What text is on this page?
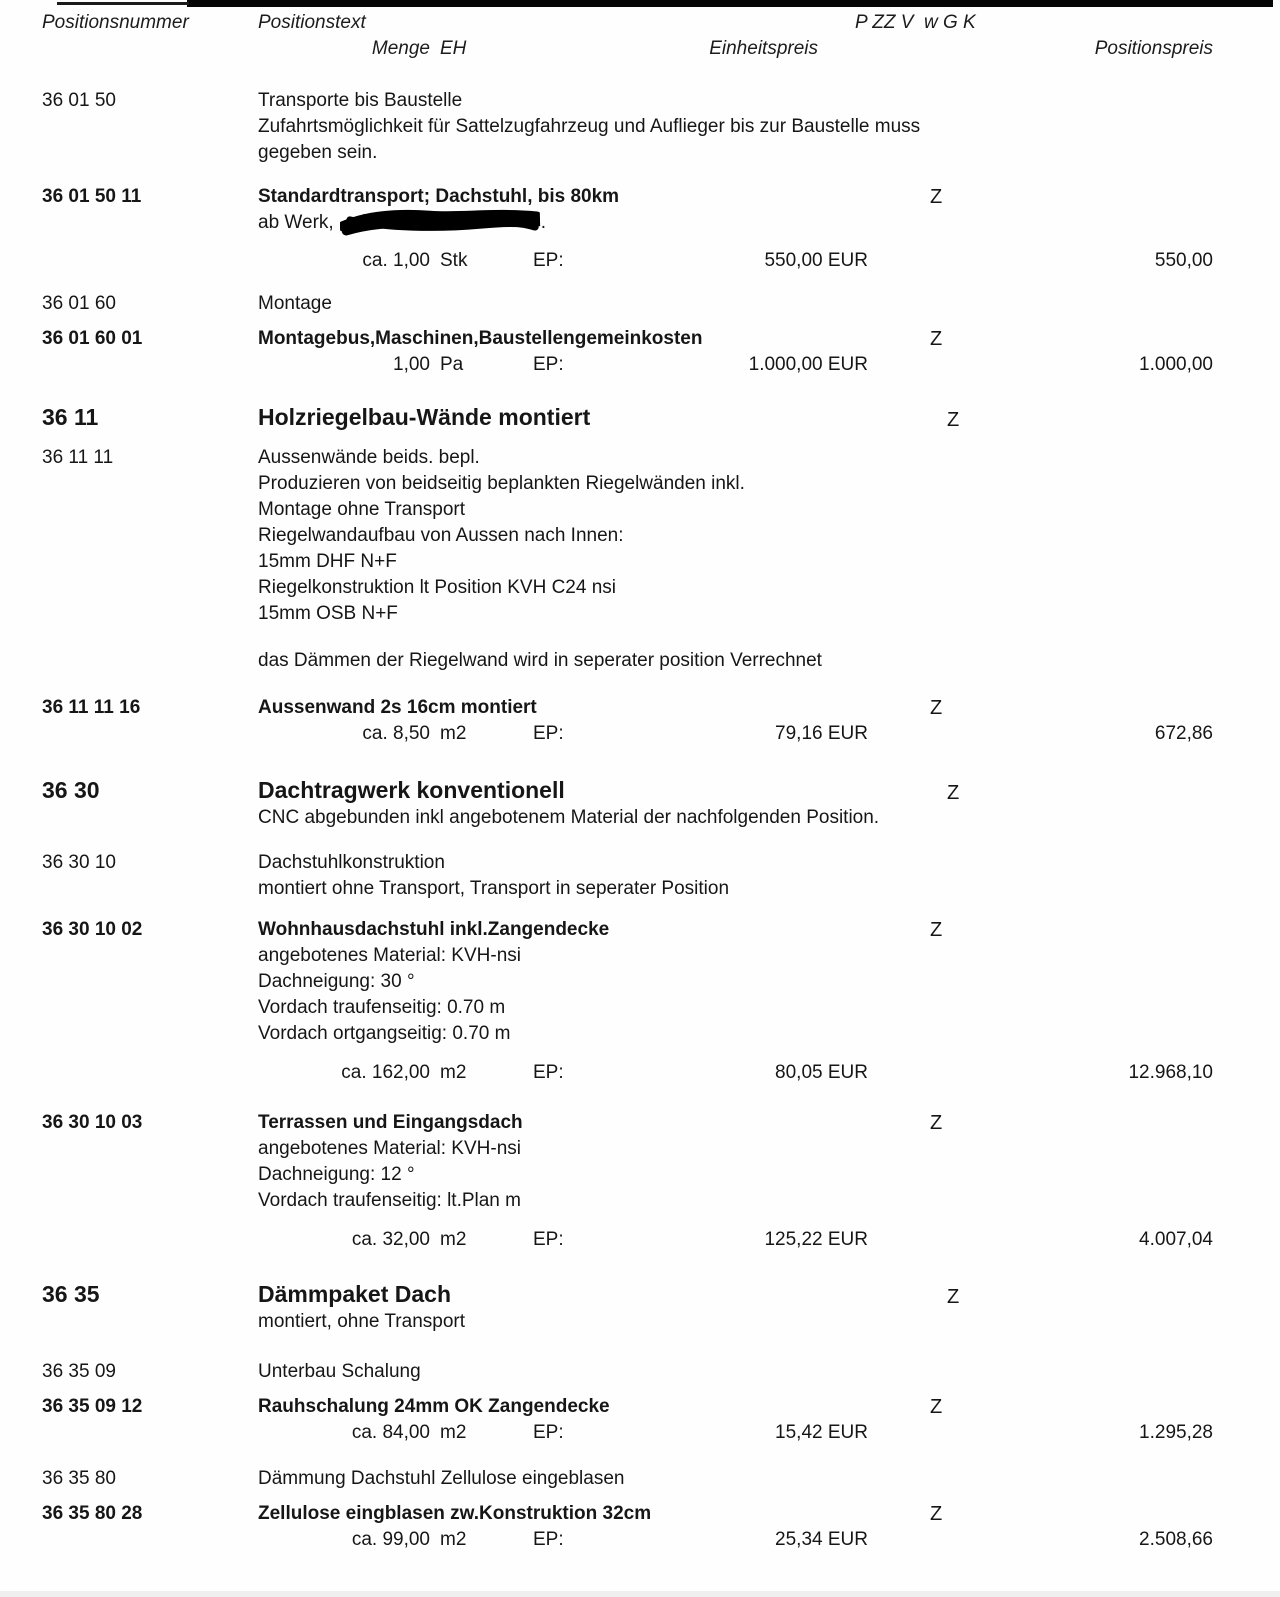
Positionsnummer	Positionstext	P ZZ V  w G K
Menge EH	Einheitspreis	Positionspreis
36 01 50	Transporte bis Baustelle
Zufahrtsmöglichkeit für Sattelzugfahrzeug und Auflieger bis zur Baustelle muss
gegeben sein.
36 01 50 11	Standardtransport; Dachstuhl, bis 80km	Z
ab Werk,	.
ca. 1,00 Stk	EP:	550,00 EUR	550,00
36 01 60	Montage
36 01 60 01	Montagebus,Maschinen,Baustellengemeinkosten	Z
1,00 Pa	EP:	1.000,00 EUR	1.000,00
36 11	Holzriegelbau-Wände montiert	Z
36 11 11	Aussenwände beids. bepl.
Produzieren von beidseitig beplankten Riegelwänden inkl.
Montage ohne Transport
Riegelwandaufbau von Aussen nach Innen:
15mm DHF N+F
Riegelkonstruktion lt Position KVH C24 nsi
15mm OSB N+F
das Dämmen der Riegelwand wird in seperater position Verrechnet
36 11 11 16	Aussenwand 2s 16cm montiert	Z
ca. 8,50 m2	EP:	79,16 EUR	672,86
36 30	Dachtragwerk konventionell	Z
CNC abgebunden inkl angebotenem Material der nachfolgenden Position.
36 30 10	Dachstuhlkonstruktion
montiert ohne Transport, Transport in seperater Position
36 30 10 02	Wohnhausdachstuhl inkl.Zangendecke	Z
angebotenes Material: KVH-nsi
Dachneigung: 30 °
Vordach traufenseitig: 0.70 m
Vordach ortgangseitig: 0.70 m
ca. 162,00 m2	EP:	80,05 EUR	12.968,10
36 30 10 03	Terrassen und Eingangsdach	Z
angebotenes Material: KVH-nsi
Dachneigung: 12 °
Vordach traufenseitig: lt.Plan m
ca. 32,00 m2	EP:	125,22 EUR	4.007,04
36 35	Dämmpaket Dach	Z
montiert, ohne Transport
36 35 09	Unterbau Schalung
36 35 09 12	Rauhschalung 24mm OK Zangendecke	Z
ca. 84,00 m2	EP:	15,42 EUR	1.295,28
36 35 80	Dämmung Dachstuhl Zellulose eingeblasen
36 35 80 28	Zellulose eingblasen zw.Konstruktion 32cm	Z
ca. 99,00 m2	EP:	25,34 EUR	2.508,66
